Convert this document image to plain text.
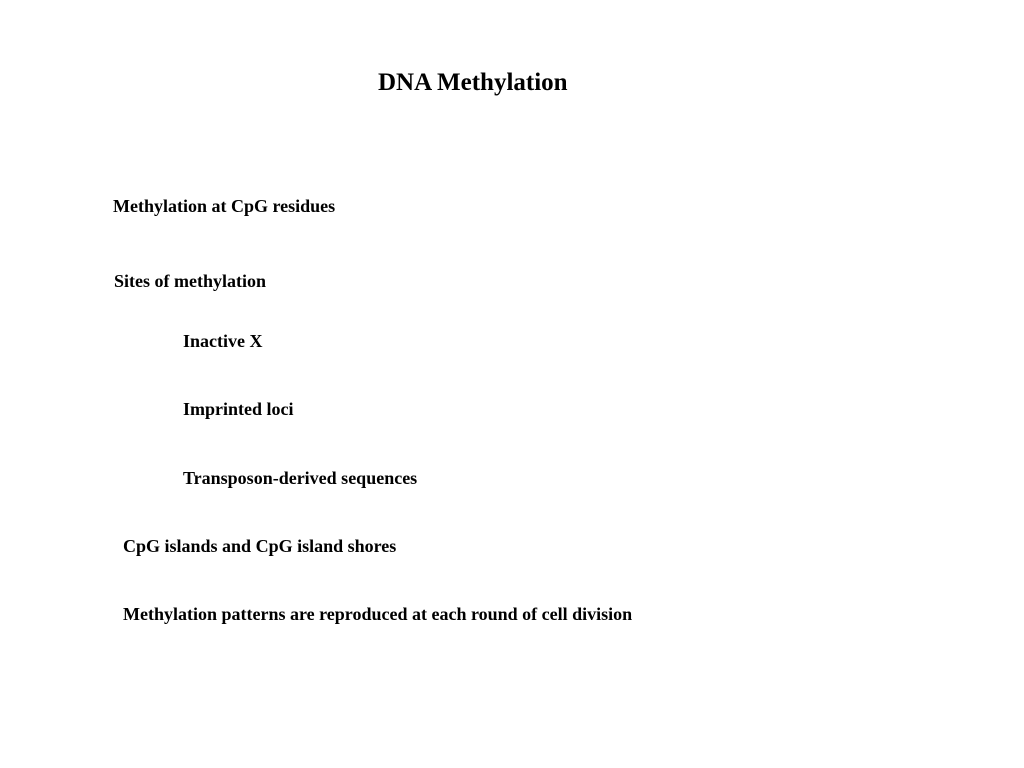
DNA Methylation
Methylation at CpG residues
Sites of methylation
Inactive X
Imprinted loci
Transposon-derived sequences
CpG islands and CpG island shores
Methylation patterns are reproduced at each round of cell division
